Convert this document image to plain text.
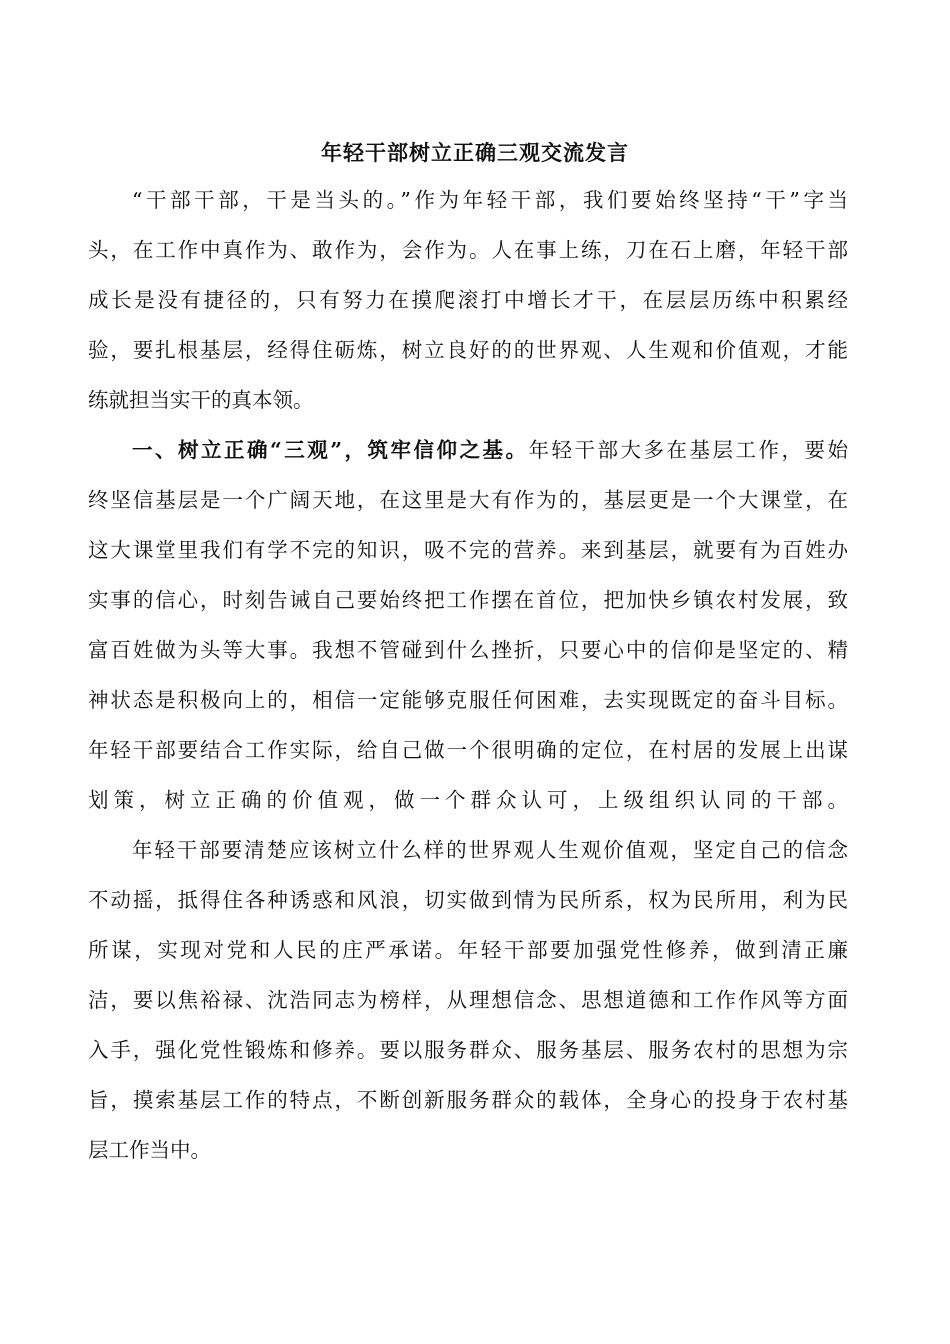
年轻干部树立正确三观交流发言
“干部干部，干是当头的。”作为年轻干部，我们要始终坚持“干”字当
头，在工作中真作为、敢作为，会作为。人在事上练，刀在石上磨，年轻干部
成长是没有捷径的，只有努力在摸爬滚打中增长才干，在层层历练中积累经
验，要扎根基层，经得住砺炼，树立良好的的世界观、人生观和价值观，才能
练就担当实干的真本领。
一、树立正确“三观”，筑牢信仰之基。年轻干部大多在基层工作，要始
终坚信基层是一个广阔天地，在这里是大有作为的，基层更是一个大课堂，在
这大课堂里我们有学不完的知识，吸不完的营养。来到基层，就要有为百姓办
实事的信心，时刻告诫自己要始终把工作摆在首位，把加快乡镇农村发展，致
富百姓做为头等大事。我想不管碰到什么挫折，只要心中的信仰是坚定的、精
神状态是积极向上的，相信一定能够克服任何困难，去实现既定的奋斗目标。
年轻干部要结合工作实际，给自己做一个很明确的定位，在村居的发展上出谋
划策，树立正确的价值观，做一个群众认可，上级组织认同的干部。
年轻干部要清楚应该树立什么样的世界观人生观价值观，坚定自己的信念
不动摇，抵得住各种诱惑和风浪，切实做到情为民所系，权为民所用，利为民
所谋，实现对党和人民的庄严承诺。年轻干部要加强党性修养，做到清正廉
洁，要以焦裕禄、沈浩同志为榜样，从理想信念、思想道德和工作作风等方面
入手，强化党性锻炼和修养。要以服务群众、服务基层、服务农村的思想为宗
旨，摸索基层工作的特点，不断创新服务群众的载体，全身心的投身于农村基
层工作当中。
